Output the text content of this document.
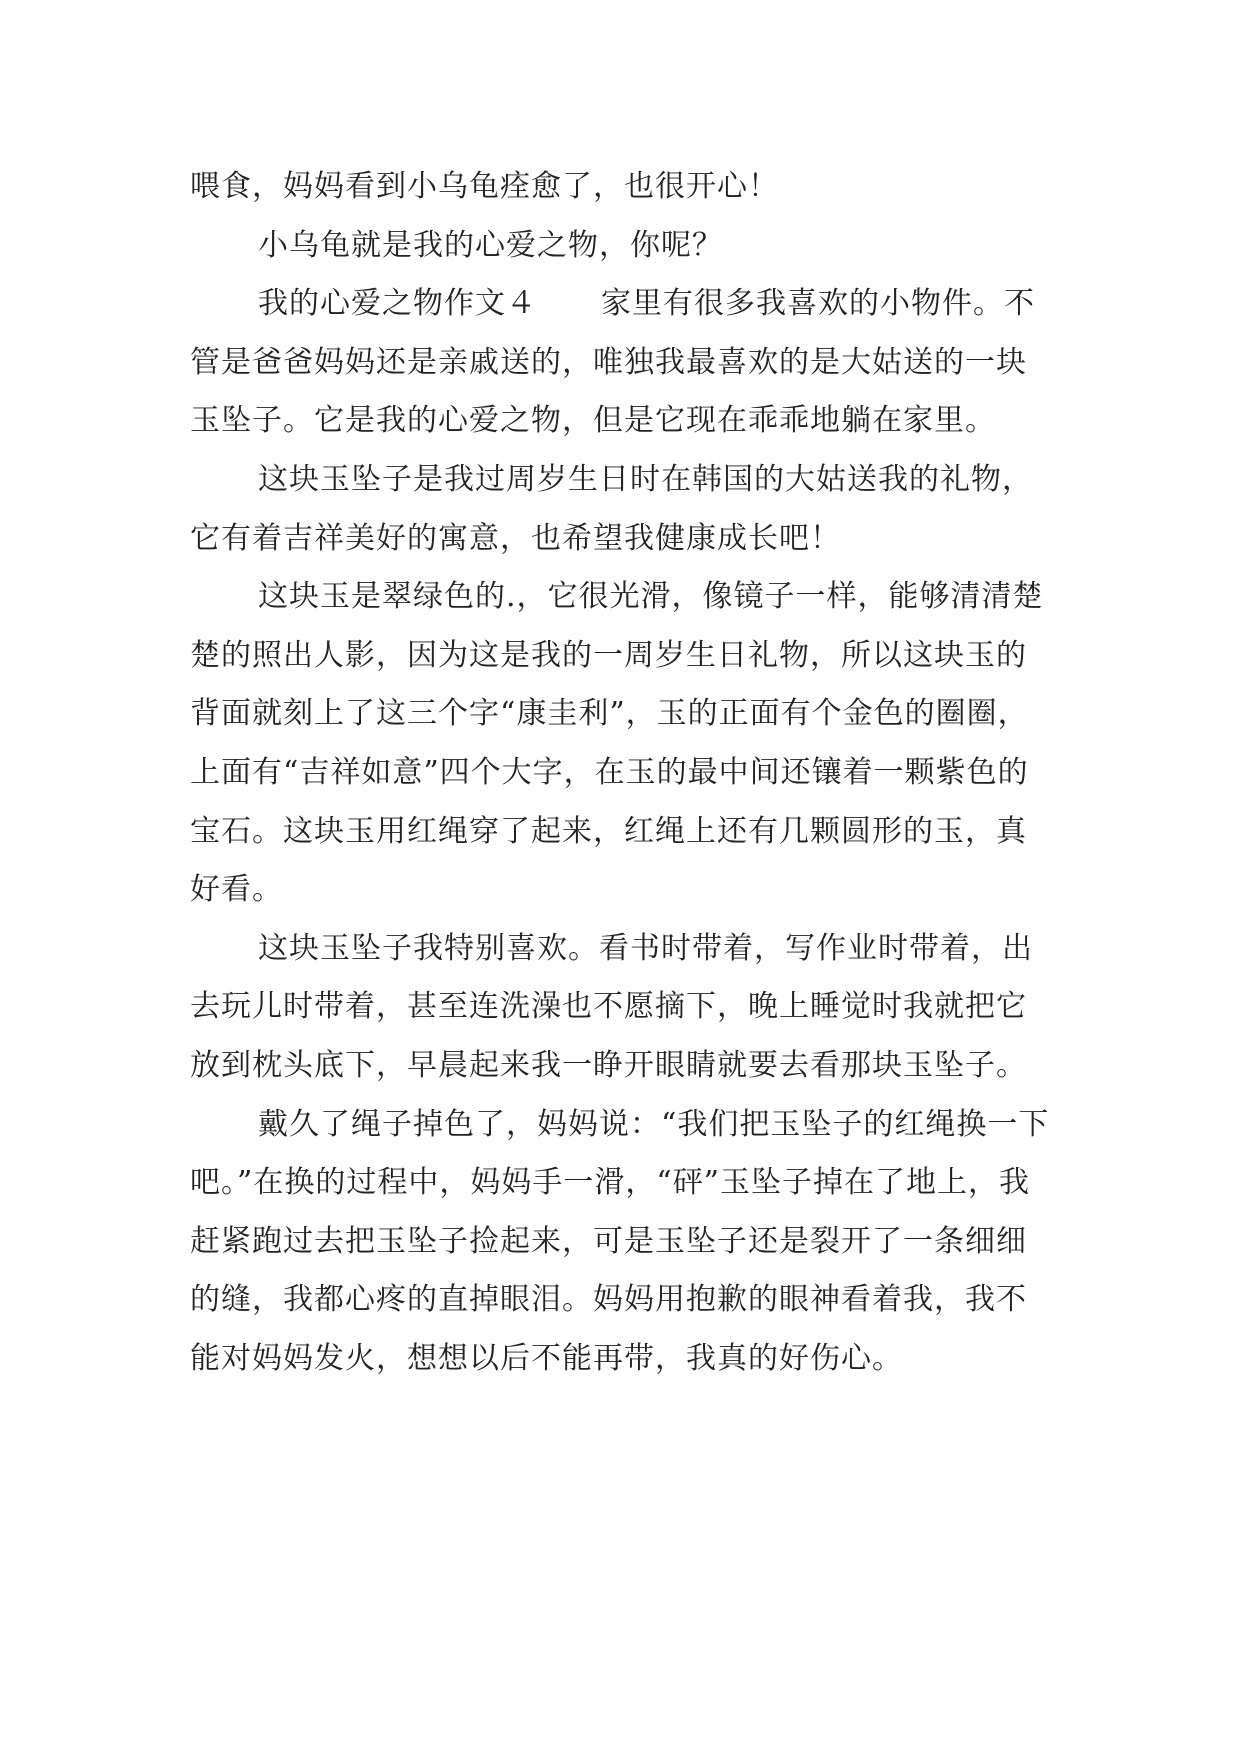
喂食，妈妈看到小乌龟痊愈了，也很开心！

小乌龟就是我的心爱之物，你呢？

我的心爱之物作文４ 家里有很多我喜欢的小物件。不管是爸爸妈妈还是亲戚送的，唯独我最喜欢的是大姑送的一块玉坠子。它是我的心爱之物，但是它现在乖乖地躺在家里。

这块玉坠子是我过周岁生日时在韩国的大姑送我的礼物，它有着吉祥美好的寓意，也希望我健康成长吧！

这块玉是翠绿色的.，它很光滑，像镜子一样，能够清清楚楚的照出人影，因为这是我的一周岁生日礼物，所以这块玉的背面就刻上了这三个字“康圭利”，玉的正面有个金色的圈圈，上面有“吉祥如意”四个大字，在玉的最中间还镶着一颗紫色的宝石。这块玉用红绳穿了起来，红绳上还有几颗圆形的玉，真好看。

这块玉坠子我特别喜欢。看书时带着，写作业时带着，出去玩儿时带着，甚至连洗澡也不愿摘下，晚上睡觉时我就把它放到枕头底下，早晨起来我一睁开眼睛就要去看那块玉坠子。

戴久了绳子掉色了，妈妈说：“我们把玉坠子的红绳换一下吧。”在换的过程中，妈妈手一滑，“砰”玉坠子掉在了地上，我赶紧跑过去把玉坠子捡起来，可是玉坠子还是裂开了一条细细的缝，我都心疼的直掉眼泪。妈妈用抱歉的眼神看着我，我不能对妈妈发火，想想以后不能再带，我真的好伤心。
